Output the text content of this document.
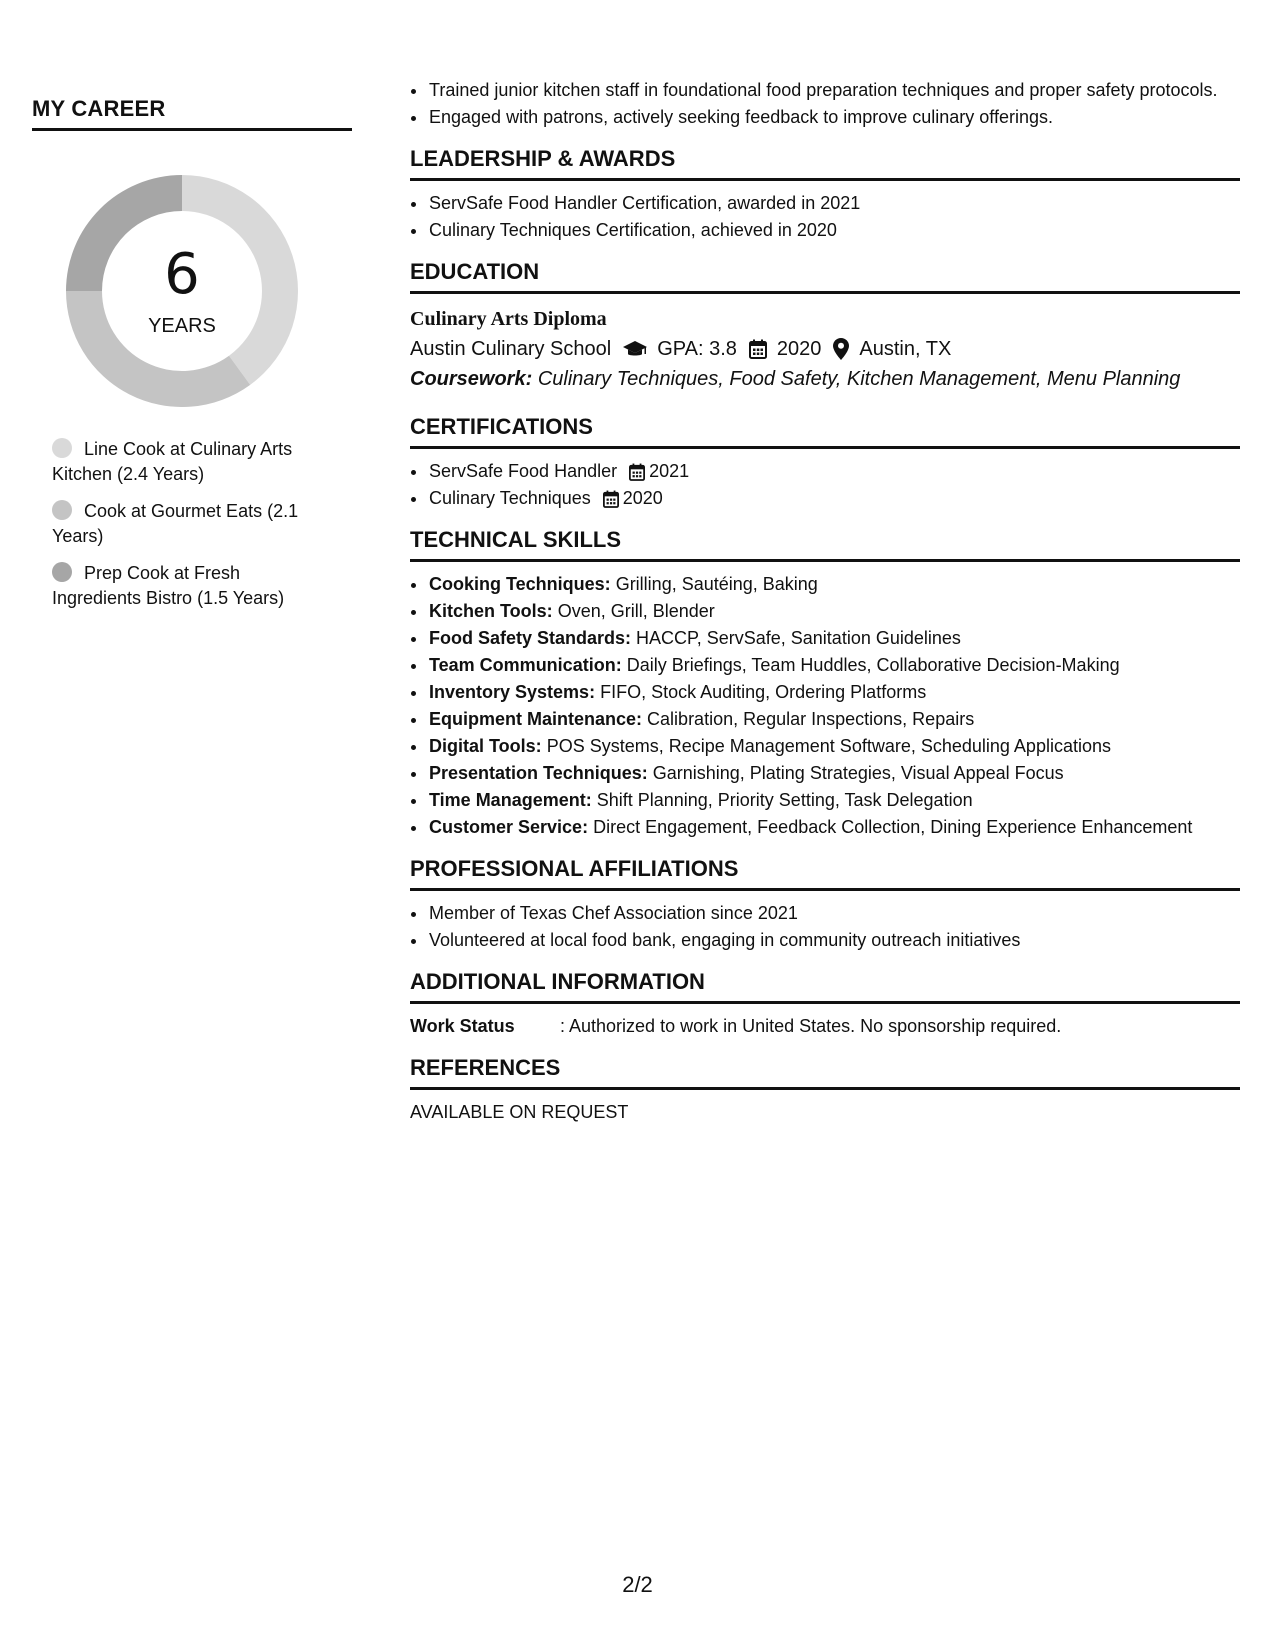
MY CAREER
6
YEARS
Line Cook at Culinary Arts Kitchen (2.4 Years)
Cook at Gourmet Eats (2.1 Years)
Prep Cook at Fresh Ingredients Bistro (1.5 Years)
• Trained junior kitchen staff in foundational food preparation techniques and proper safety protocols.
• Engaged with patrons, actively seeking feedback to improve culinary offerings.
LEADERSHIP & AWARDS
• ServSafe Food Handler Certification, awarded in 2021
• Culinary Techniques Certification, achieved in 2020
EDUCATION
Culinary Arts Diploma
Austin Culinary School GPA: 3.8 2020 Austin, TX
Coursework: Culinary Techniques, Food Safety, Kitchen Management, Menu Planning
CERTIFICATIONS
• ServSafe Food Handler 2021
• Culinary Techniques 2020
TECHNICAL SKILLS
• Cooking Techniques: Grilling, Sautéing, Baking
• Kitchen Tools: Oven, Grill, Blender
• Food Safety Standards: HACCP, ServSafe, Sanitation Guidelines
• Team Communication: Daily Briefings, Team Huddles, Collaborative Decision-Making
• Inventory Systems: FIFO, Stock Auditing, Ordering Platforms
• Equipment Maintenance: Calibration, Regular Inspections, Repairs
• Digital Tools: POS Systems, Recipe Management Software, Scheduling Applications
• Presentation Techniques: Garnishing, Plating Strategies, Visual Appeal Focus
• Time Management: Shift Planning, Priority Setting, Task Delegation
• Customer Service: Direct Engagement, Feedback Collection, Dining Experience Enhancement
PROFESSIONAL AFFILIATIONS
• Member of Texas Chef Association since 2021
• Volunteered at local food bank, engaging in community outreach initiatives
ADDITIONAL INFORMATION
Work Status	: Authorized to work in United States. No sponsorship required.
REFERENCES
AVAILABLE ON REQUEST
2/2
